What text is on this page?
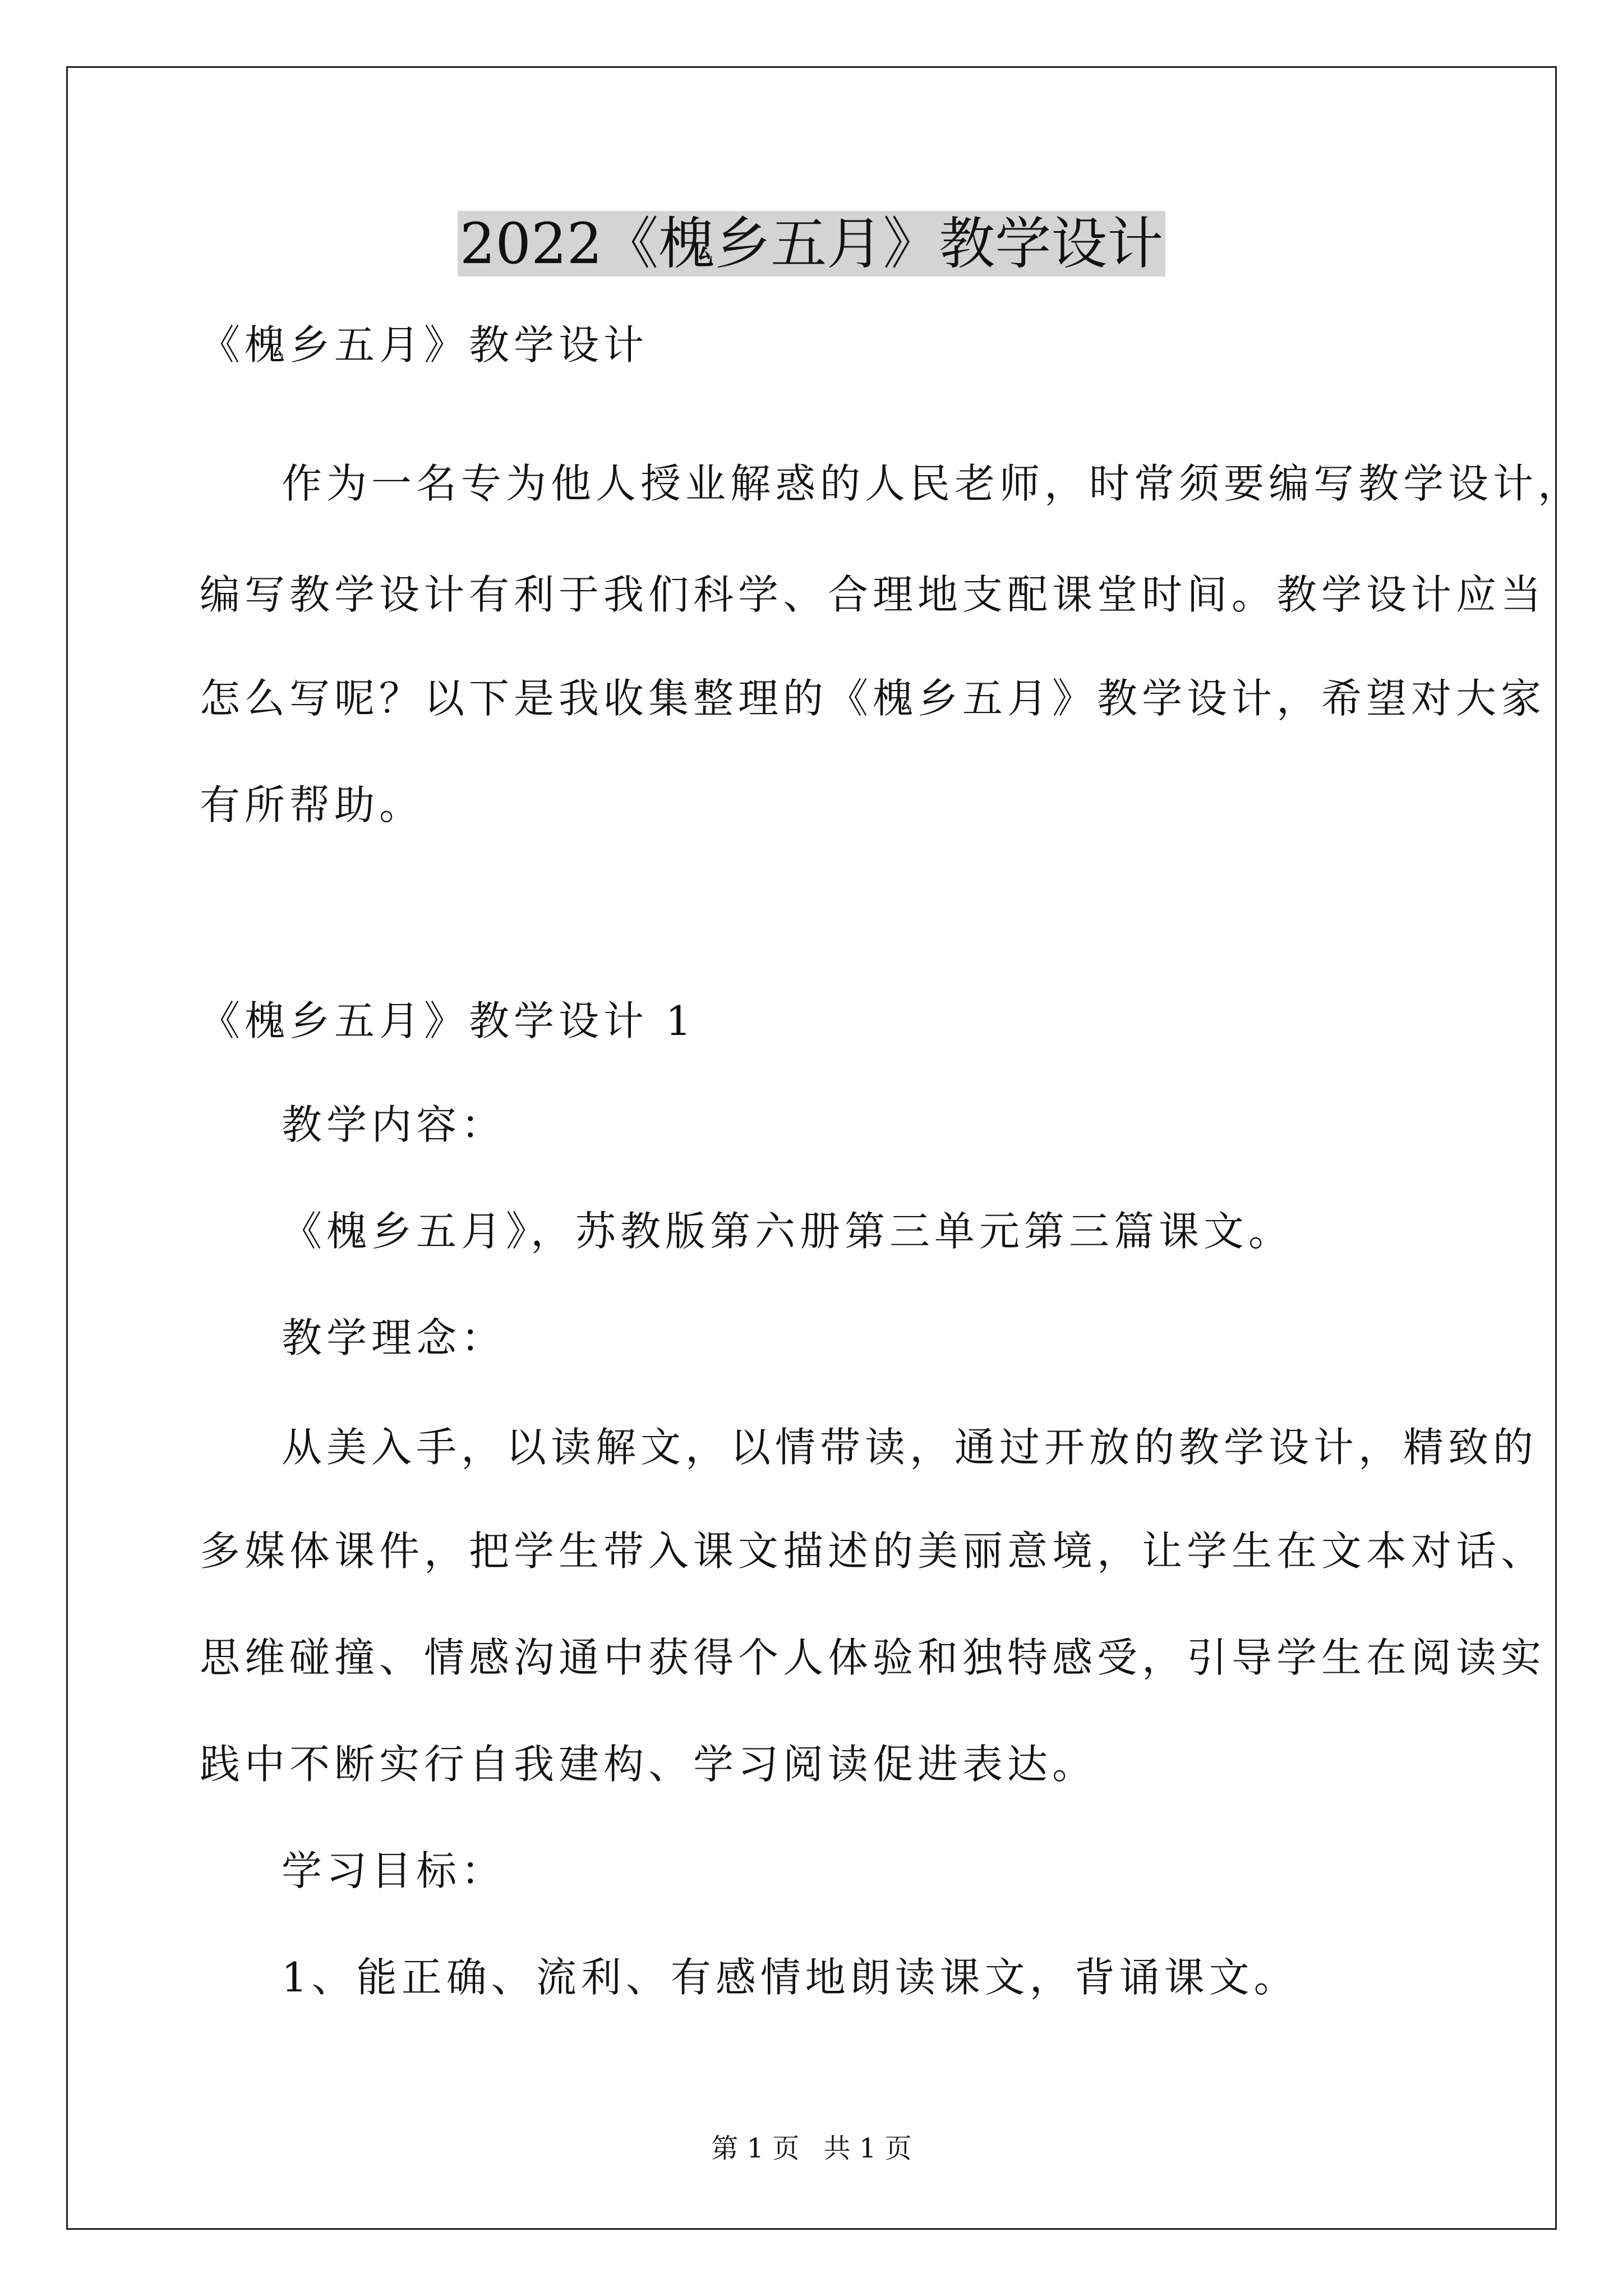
2022《槐乡五月》教学设计

《槐乡五月》教学设计

作为一名专为他人授业解惑的人民老师，时常须要编写教学设计，

编写教学设计有利于我们科学、合理地支配课堂时间。教学设计应当

怎么写呢？以下是我收集整理的《槐乡五月》教学设计，希望对大家

有所帮助。

《槐乡五月》教学设计 1

教学内容：

《槐乡五月》，苏教版第六册第三单元第三篇课文。

教学理念：

从美入手，以读解文，以情带读，通过开放的教学设计，精致的

多媒体课件，把学生带入课文描述的美丽意境，让学生在文本对话、

思维碰撞、情感沟通中获得个人体验和独特感受，引导学生在阅读实

践中不断实行自我建构、学习阅读促进表达。

学习目标：

1、能正确、流利、有感情地朗读课文，背诵课文。

第 1 页 共 1 页
